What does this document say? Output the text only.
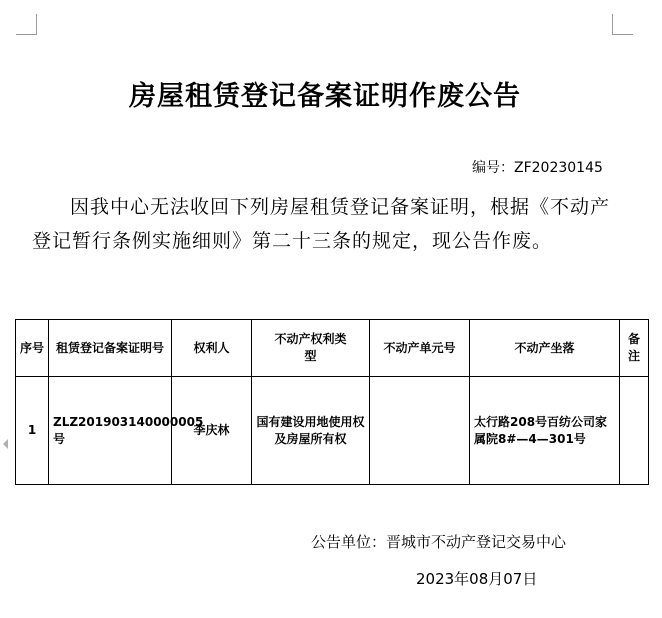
房屋租赁登记备案证明作废公告
编号：ZF20230145
因我中心无法收回下列房屋租赁登记备案证明，根据《不动产登记暂行条例实施细则》第二十三条的规定，现公告作废。
序号	租赁登记备案证明号	权利人	不动产权利类型	不动产单元号	不动产坐落	备注
1	ZLZ201903140000005号	李庆林	国有建设用地使用权及房屋所有权		太行路208号百纺公司家属院8#—4—301号	
公告单位：晋城市不动产登记交易中心
2023年08月07日
